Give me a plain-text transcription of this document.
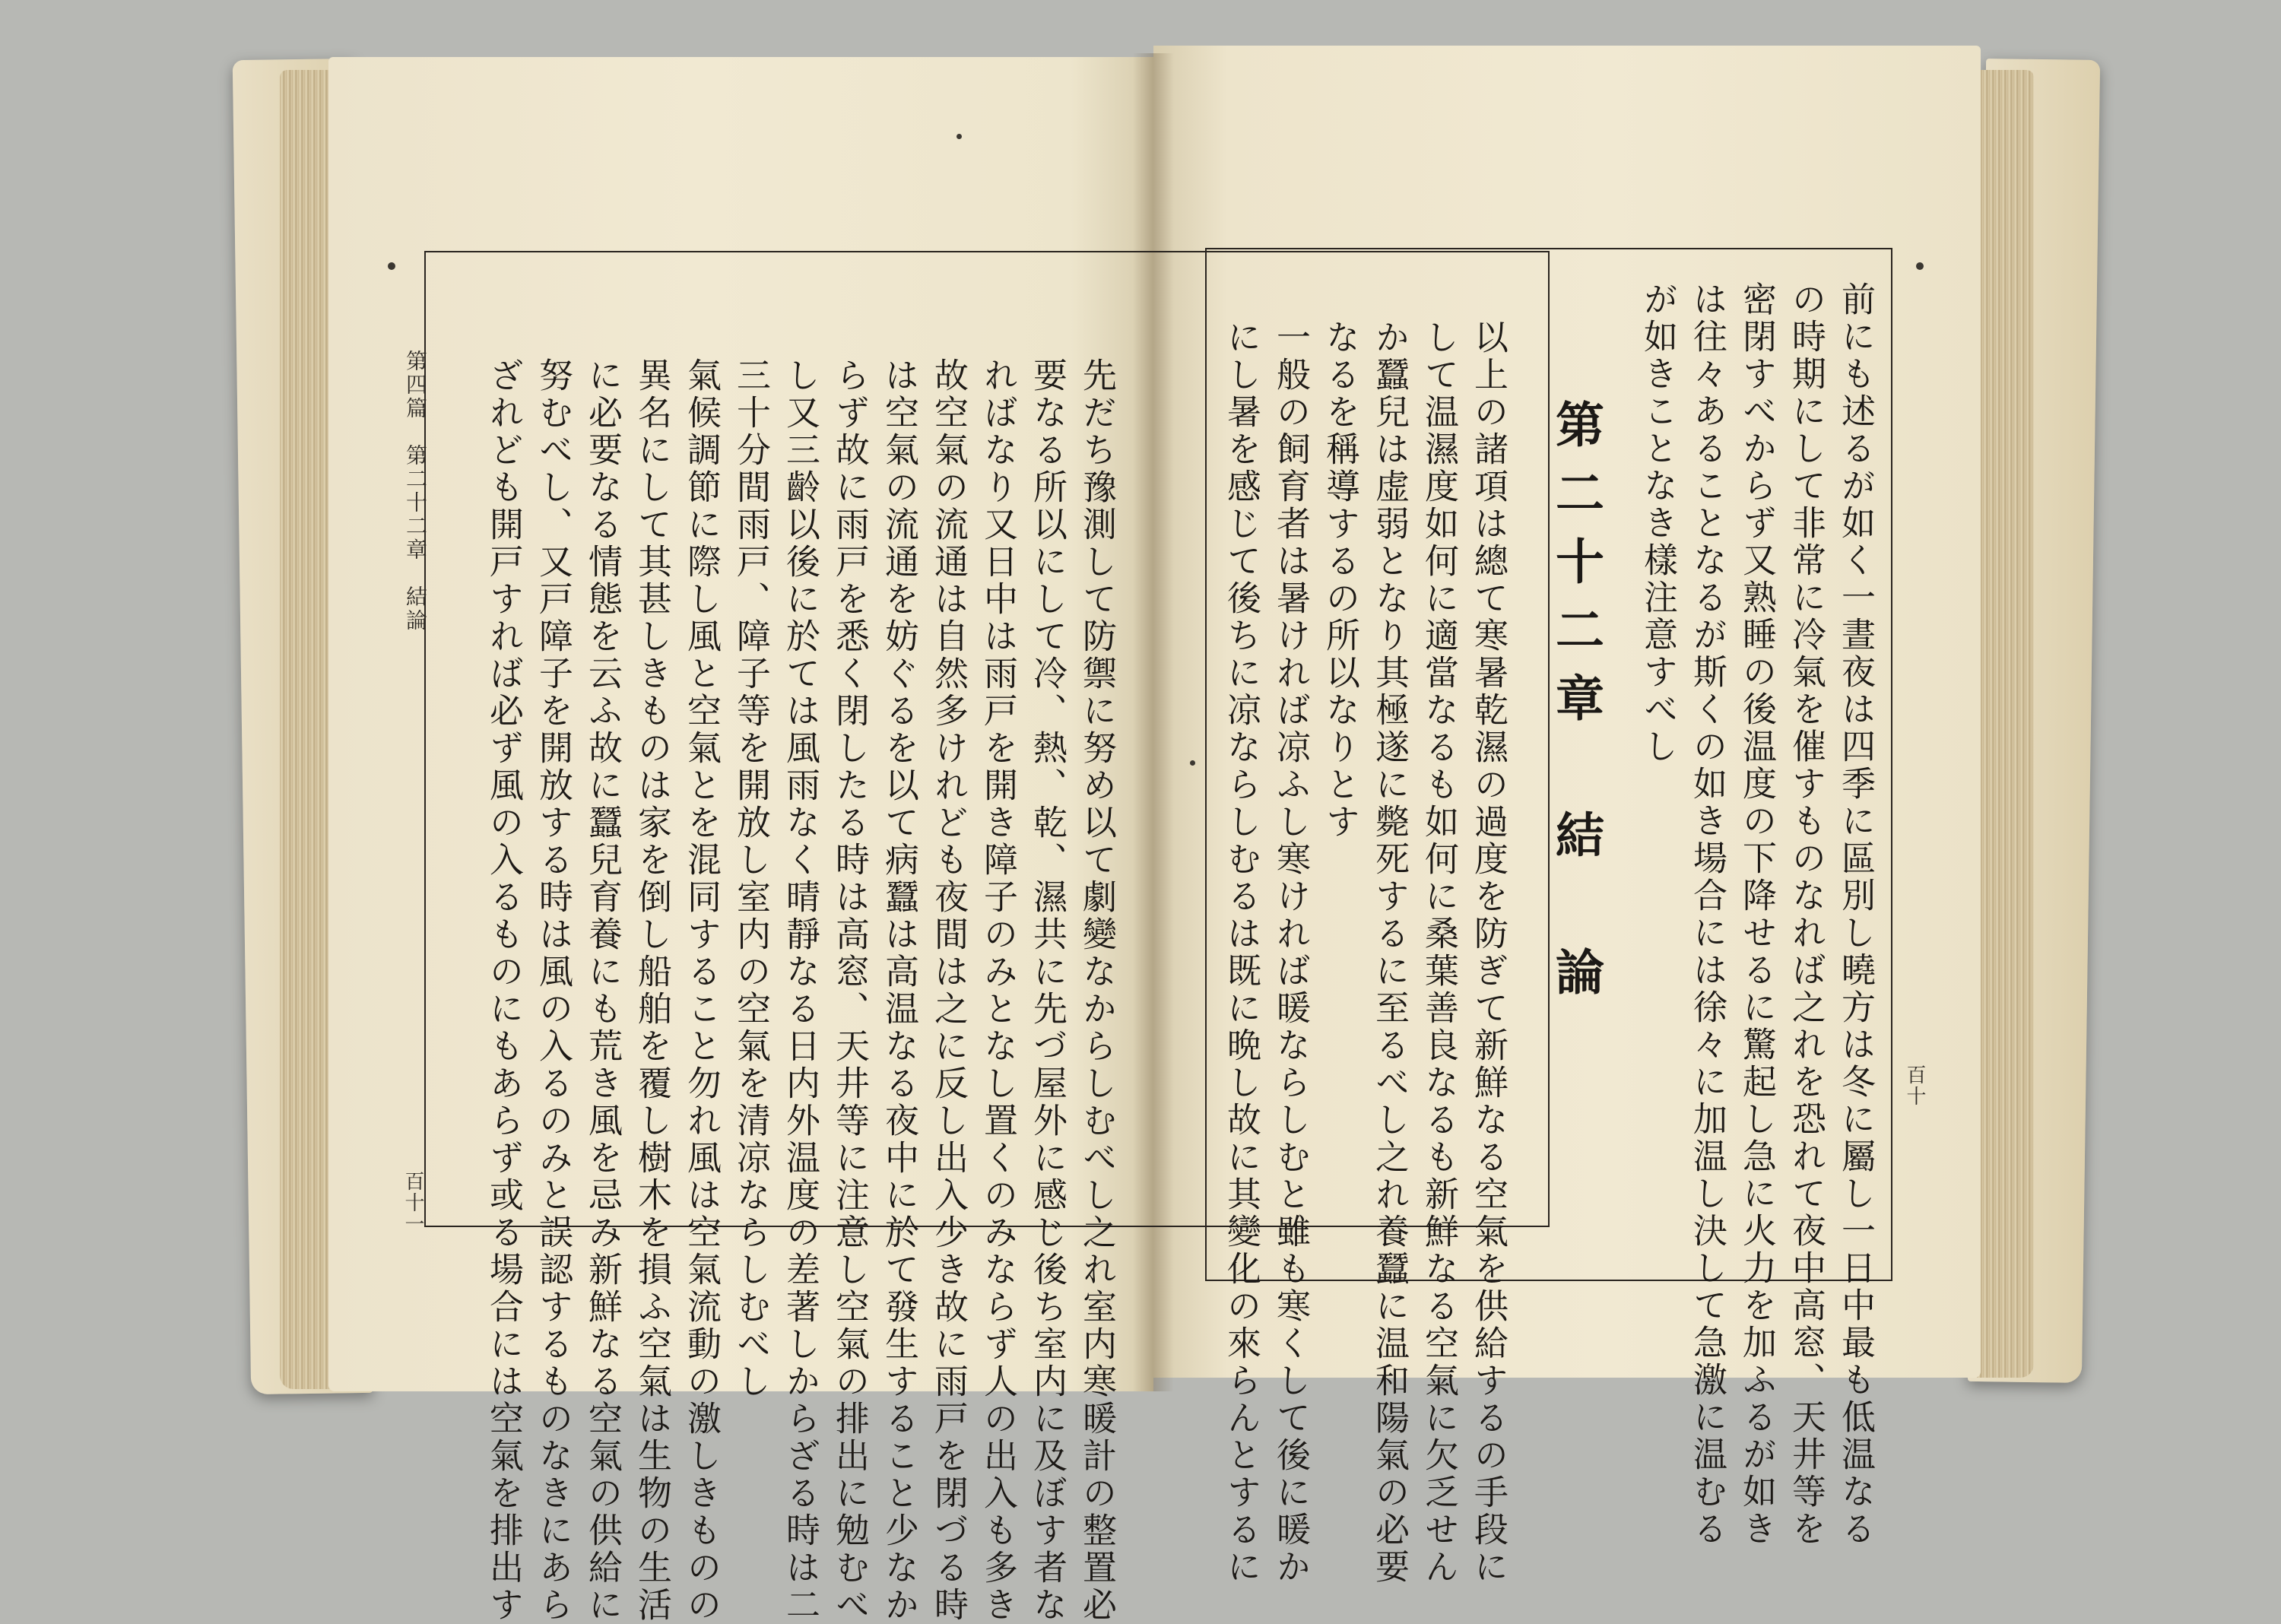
第四篇　第二十二章　結論
百十一	先だち豫測して防禦に努め以て劇變なからしむべし之れ室内寒暖計の整置必
要なる所以にして冷、熱、乾、濕共に先づ屋外に感じ後ち室内に及ぼす者な
ればなり又日中は雨戸を開き障子のみとなし置くのみならず人の出入も多き
故空氣の流通は自然多けれども夜間は之に反し出入少き故に雨戸を閉づる時
は空氣の流通を妨ぐるを以て病蠶は高温なる夜中に於て發生すること少なか
らず故に雨戸を悉く閉したる時は高窓、天井等に注意し空氣の排出に勉むべ
し又三齡以後に於ては風雨なく晴靜なる日内外温度の差著しからざる時は二
三十分間雨戸、障子等を開放し室内の空氣を清凉ならしむべし
氣候調節に際し風と空氣とを混同すること勿れ風は空氣流動の激しきものの
異名にして其甚しきものは家を倒し船舶を覆し樹木を損ふ空氣は生物の生活
に必要なる情態を云ふ故に蠶兒育養にも荒き風を忌み新鮮なる空氣の供給に
努むべし、又戸障子を開放する時は風の入るのみと誤認するものなきにあら
ざれども開戸すれば必ず風の入るものにもあらず或る場合には空氣を排出す	百十
前にも述るが如く一晝夜は四季に區別し曉方は冬に屬し一日中最も低温なる
の時期にして非常に冷氣を催すものなれば之れを恐れて夜中高窓、天井等を
密閉すべからず又熟睡の後温度の下降せるに驚起し急に火力を加ふるが如き
は往々あることなるが斯くの如き場合には徐々に加温し決して急激に温むる
が如きことなき樣注意すべし
第二十二章　結　論
以上の諸項は總て寒暑乾濕の過度を防ぎて新鮮なる空氣を供給するの手段に
して温濕度如何に適當なるも如何に桑葉善良なるも新鮮なる空氣に欠乏せん
か蠶兒は虚弱となり其極遂に斃死するに至るべし之れ養蠶に温和陽氣の必要
なるを稱導するの所以なりとす
一般の飼育者は暑ければ凉ふし寒ければ暖ならしむと雖も寒くして後に暖か
にし暑を感じて後ちに凉ならしむるは既に晩し故に其變化の來らんとするに
